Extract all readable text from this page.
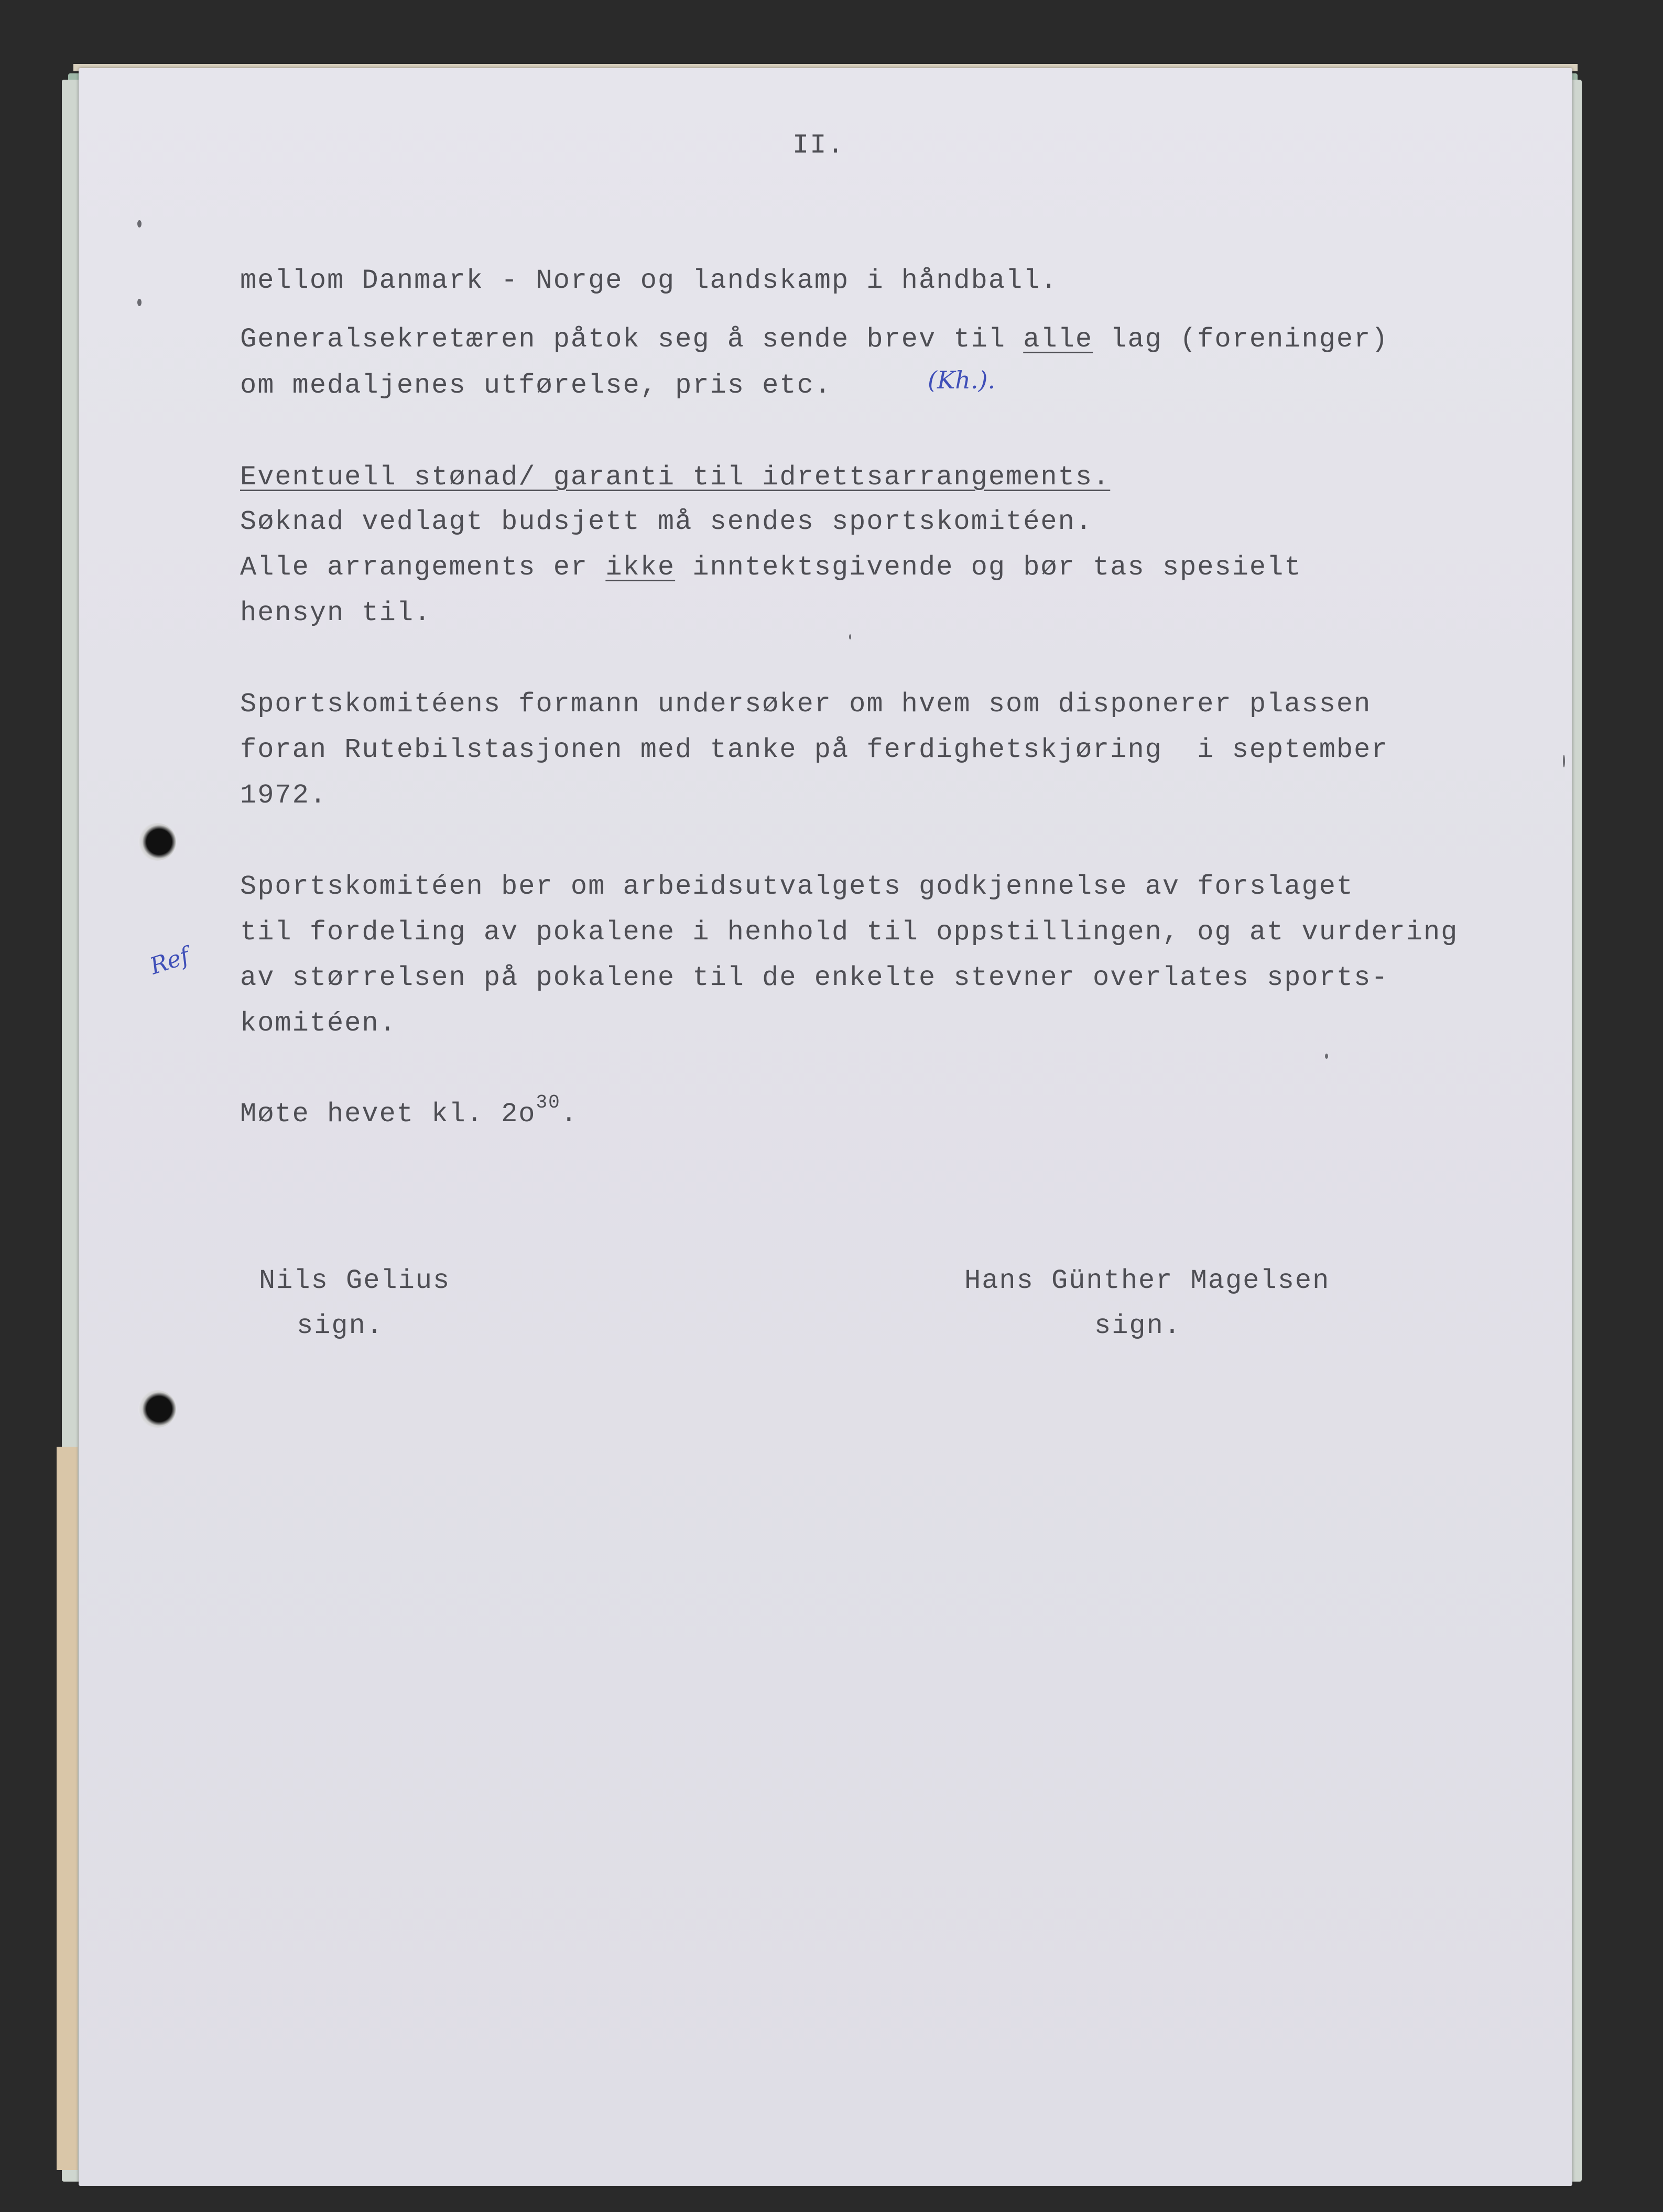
II.
mellom Danmark - Norge og landskamp i håndball.
Generalsekretæren påtok seg å sende brev til alle lag (foreninger)
om medaljenes utførelse, pris etc.	(Kh.).
Eventuell stønad/ garanti til idrettsarrangements.
Søknad vedlagt budsjett må sendes sportskomitéen.
Alle arrangements er ikke inntektsgivende og bør tas spesielt
hensyn til.
Sportskomitéens formann undersøker om hvem som disponerer plassen
foran Rutebilstasjonen med tanke på ferdighetskjøring  i september
1972.
Sportskomitéen ber om arbeidsutvalgets godkjennelse av forslaget
til fordeling av pokalene i henhold til oppstillingen, og at vurdering
av størrelsen på pokalene til de enkelte stevner overlates sports-
komitéen.
Ref
Møte hevet kl. $2o^{30}$.
Nils Gelius
sign.
Hans Günther Magelsen
sign.
